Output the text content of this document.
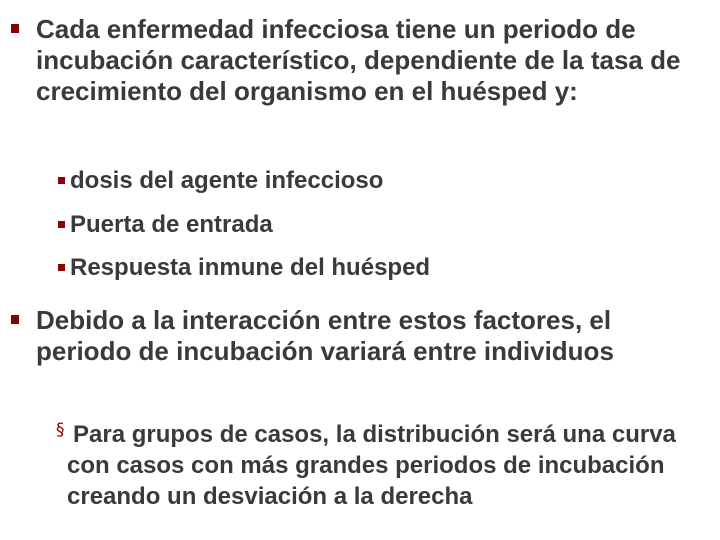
Cada enfermedad infecciosa tiene un periodo de incubación característico, dependiente de la tasa de crecimiento del organismo en el huésped y:

dosis del agente infeccioso

Puerta de entrada

Respuesta inmune del huésped

Debido a la interacción entre estos factores, el periodo de incubación variará entre individuos

§ Para grupos de casos, la distribución será una curva con casos con más grandes periodos de incubación creando un desviación a la derecha
